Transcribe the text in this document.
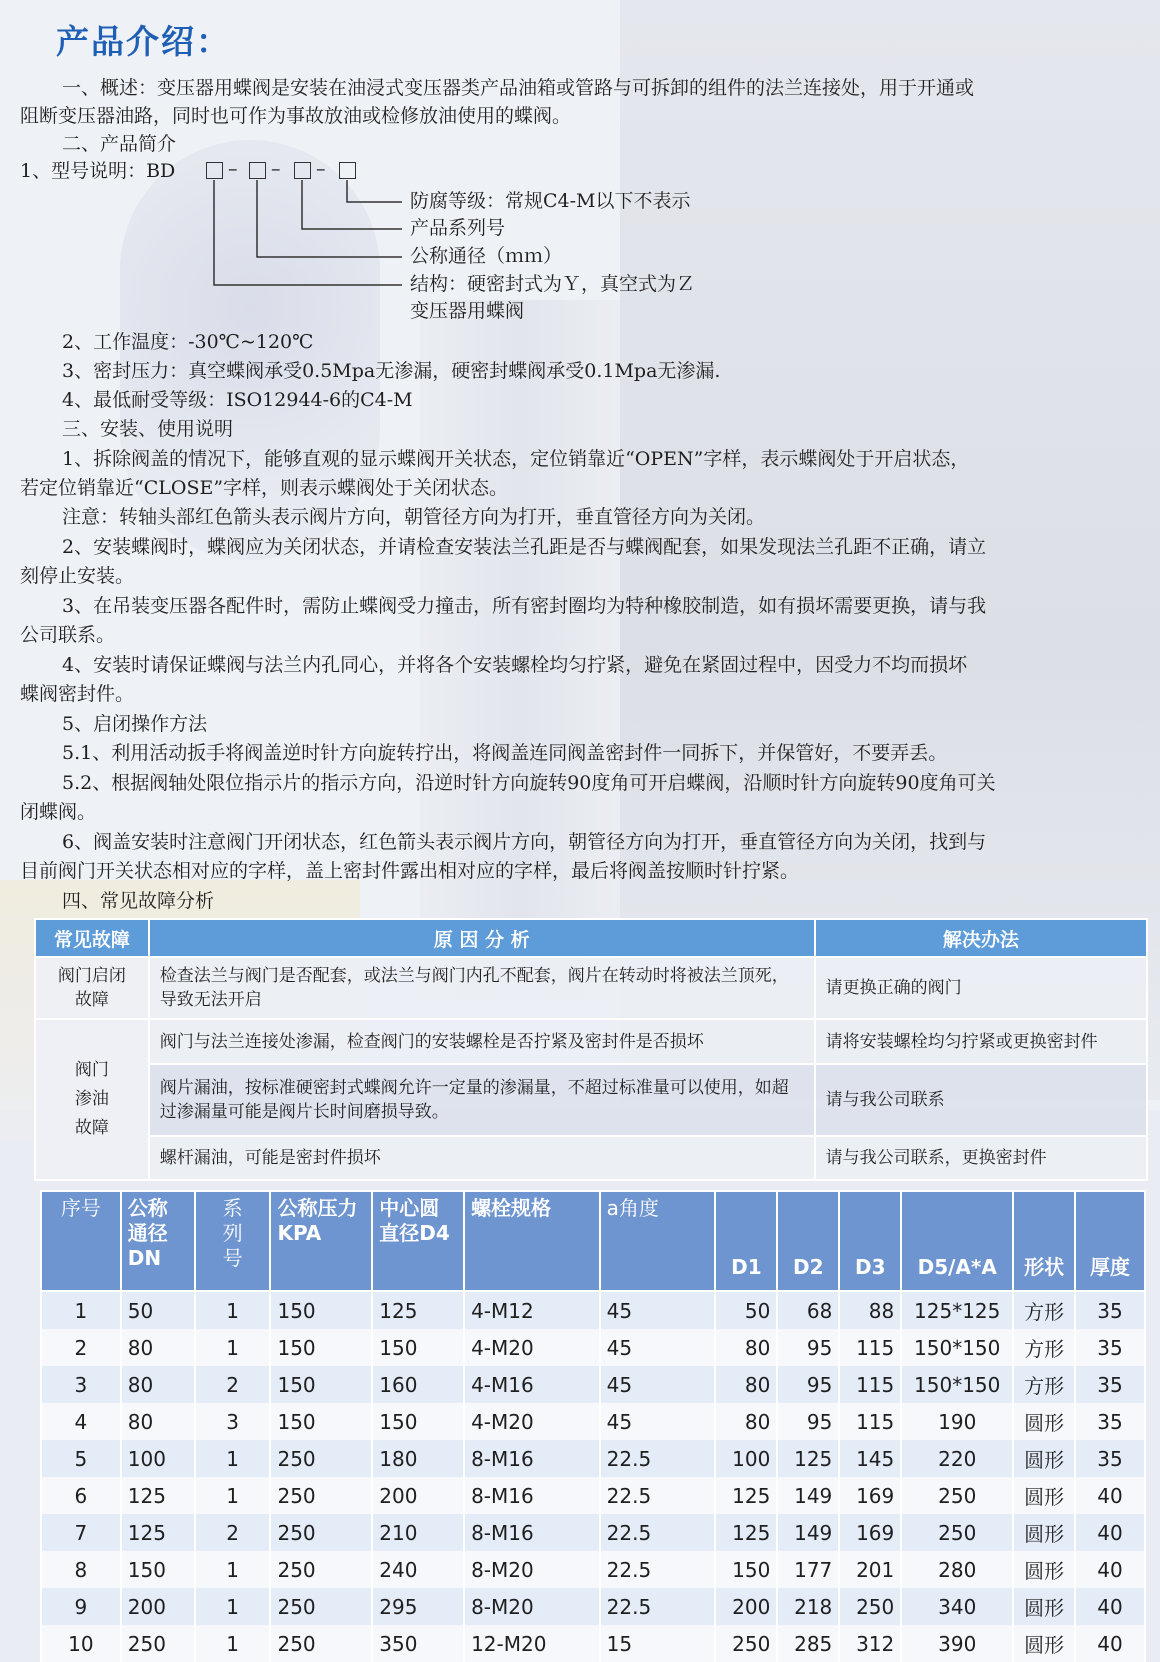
产品介绍：

一、概述：变压器用蝶阀是安装在油浸式变压器类产品油箱或管路与可拆卸的组件的法兰连接处，用于开通或

阻断变压器油路，同时也可作为事故放油或检修放油使用的蝶阀。

二、产品简介

1、型号说明：BD	– – –

防腐等级：常规C4-M以下不表示

产品系列号

公称通径（ｍｍ）

结构：硬密封式为Ｙ，真空式为Ｚ

变压器用蝶阀

2、工作温度：-30℃~120℃

3、密封压力：真空蝶阀承受0.5Mpa无渗漏，硬密封蝶阀承受0.1Mpa无渗漏.

4、最低耐受等级：ISO12944-6的C4-M

三、安装、使用说明

1、拆除阀盖的情况下，能够直观的显示蝶阀开关状态，定位销靠近“OPEN”字样，表示蝶阀处于开启状态，

若定位销靠近“CLOSE”字样，则表示蝶阀处于关闭状态。

注意：转轴头部红色箭头表示阀片方向，朝管径方向为打开，垂直管径方向为关闭。

2、安装蝶阀时，蝶阀应为关闭状态，并请检查安装法兰孔距是否与蝶阀配套，如果发现法兰孔距不正确，请立

刻停止安装。

3、在吊装变压器各配件时，需防止蝶阀受力撞击，所有密封圈均为特种橡胶制造，如有损坏需要更换，请与我

公司联系。

4、安装时请保证蝶阀与法兰内孔同心，并将各个安装螺栓均匀拧紧，避免在紧固过程中，因受力不均而损坏

蝶阀密封件。

5、启闭操作方法

5.1、利用活动扳手将阀盖逆时针方向旋转拧出，将阀盖连同阀盖密封件一同拆下，并保管好，不要弄丢。

5.2、根据阀轴处限位指示片的指示方向，沿逆时针方向旋转90度角可开启蝶阀，沿顺时针方向旋转90度角可关

闭蝶阀。

6、阀盖安装时注意阀门开闭状态，红色箭头表示阀片方向，朝管径方向为打开，垂直管径方向为关闭，找到与

目前阀门开关状态相对应的字样，盖上密封件露出相对应的字样，最后将阀盖按顺时针拧紧。

四、常见故障分析

常见故障	原 因 分 析	解决办法

阀门启闭故障	检查法兰与阀门是否配套，或法兰与阀门内孔不配套，阀片在转动时将被法兰顶死，导致无法开启	请更换正确的阀门

阀门渗油故障	阀门与法兰连接处渗漏，检查阀门的安装螺栓是否拧紧及密封件是否损坏	请将安装螺栓均匀拧紧或更换密封件
	阀片漏油，按标准硬密封式蝶阀允许一定量的渗漏量，不超过标准量可以使用，如超过渗漏量可能是阀片长时间磨损导致。	请与我公司联系
	螺杆漏油，可能是密封件损坏	请与我公司联系，更换密封件
序号	公称通径DN	系列号	公称压力KPA	中心圆直径D4	螺栓规格	a角度	D1	D2	D3	D5/A*A	形状	厚度
1	50	1	150	125	4-M12	45	50	68	88	125*125	方形	35
2	80	1	150	150	4-M20	45	80	95	115	150*150	方形	35
3	80	2	150	160	4-M16	45	80	95	115	150*150	方形	35
4	80	3	150	150	4-M20	45	80	95	115	190	圆形	35
5	100	1	250	180	8-M16	22.5	100	125	145	220	圆形	35
6	125	1	250	200	8-M16	22.5	125	149	169	250	圆形	40
7	125	2	250	210	8-M16	22.5	125	149	169	250	圆形	40
8	150	1	250	240	8-M20	22.5	150	177	201	280	圆形	40
9	200	1	250	295	8-M20	22.5	200	218	250	340	圆形	40
10	250	1	250	350	12-M20	15	250	285	312	390	圆形	40
